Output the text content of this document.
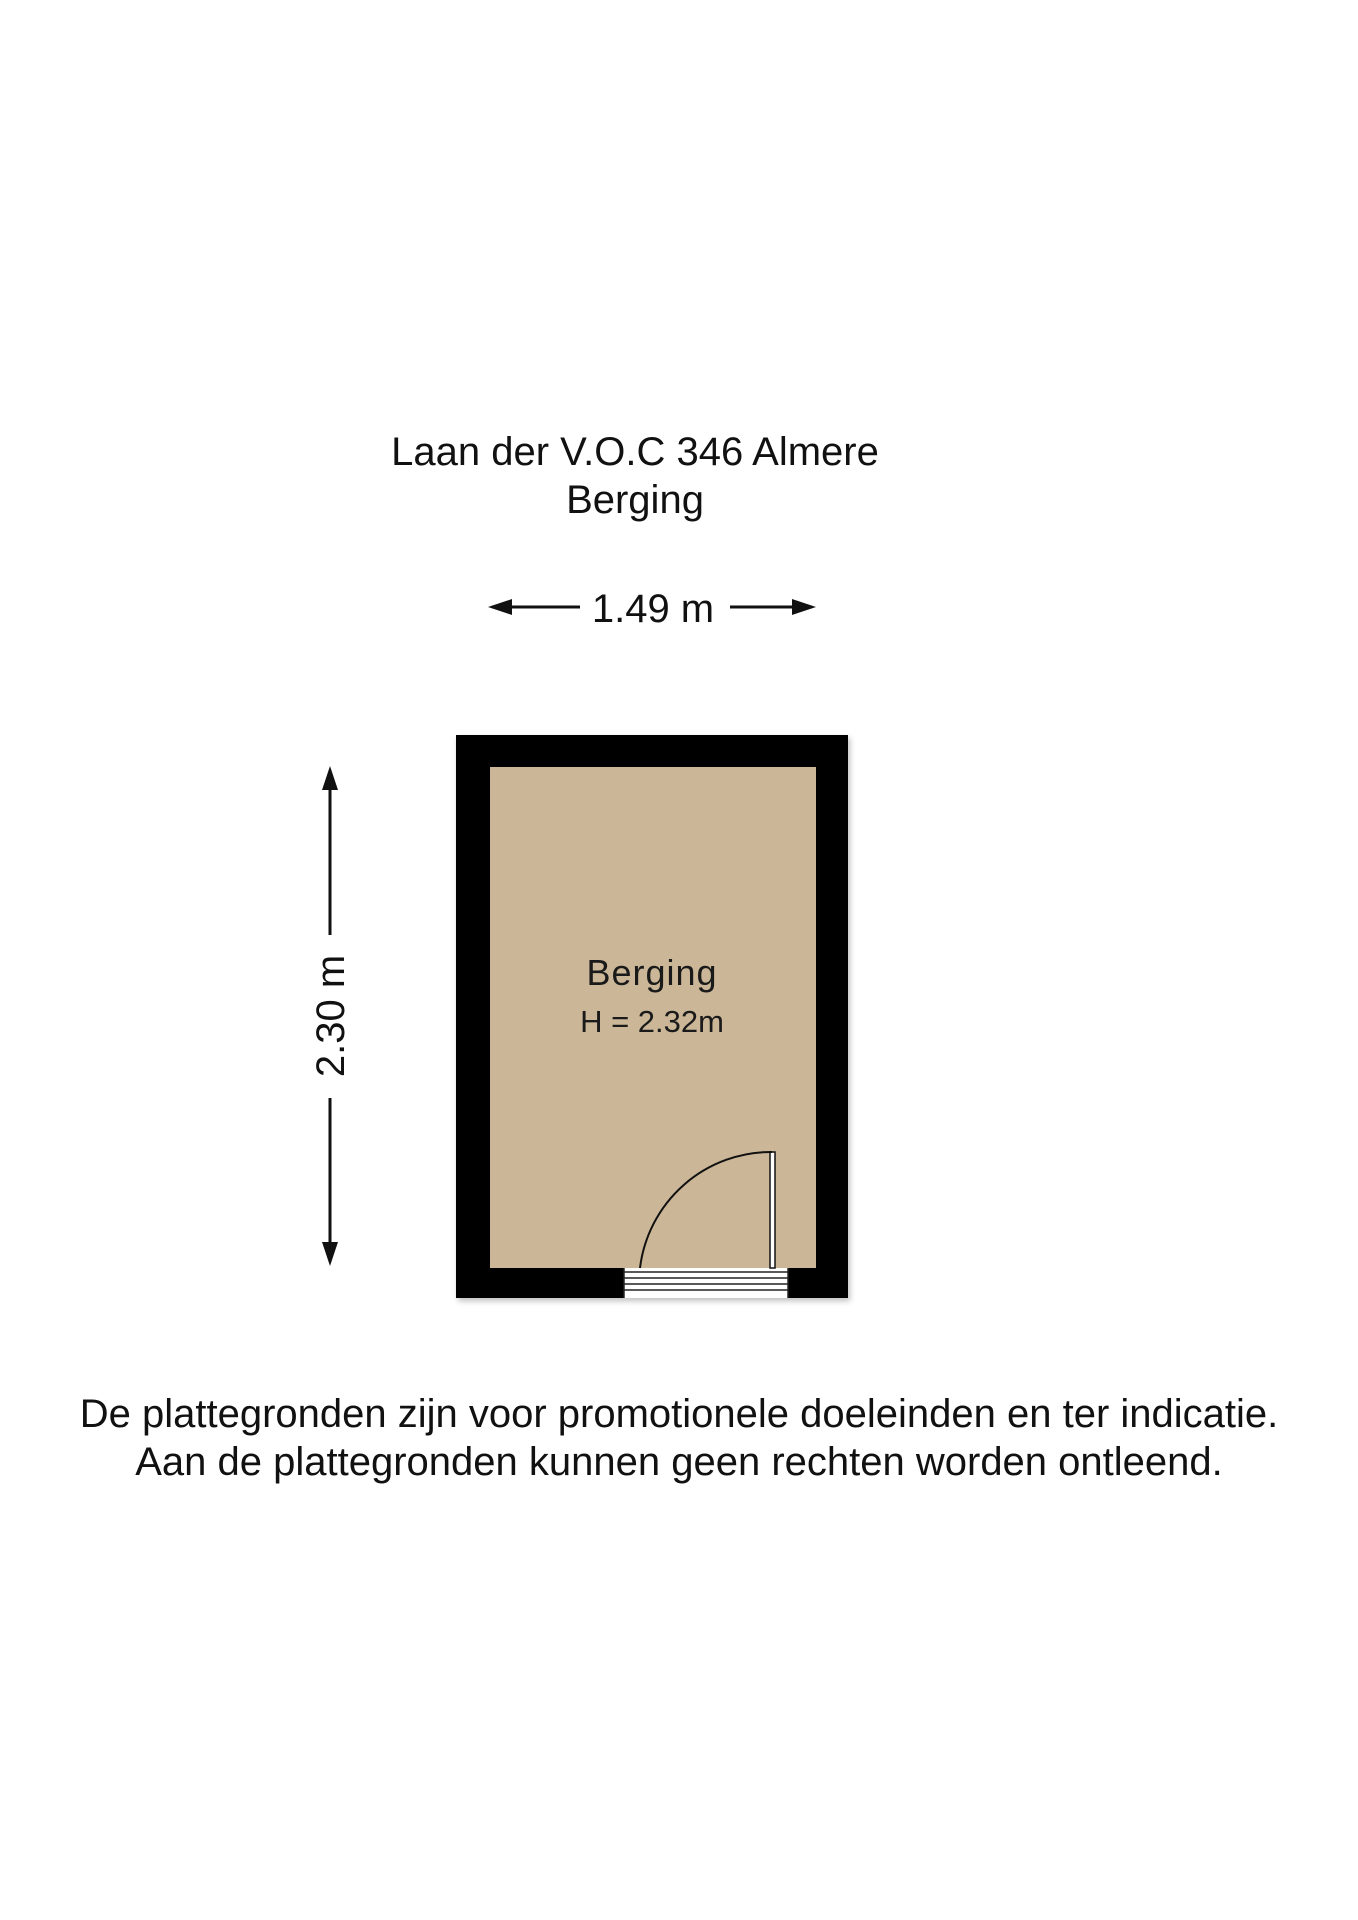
Laan der V.O.C 346 Almere
Berging
1.49 m
2.30 m	Berging
H = 2.32m
De plattegronden zijn voor promotionele doeleinden en ter indicatie.
Aan de plattegronden kunnen geen rechten worden ontleend.
